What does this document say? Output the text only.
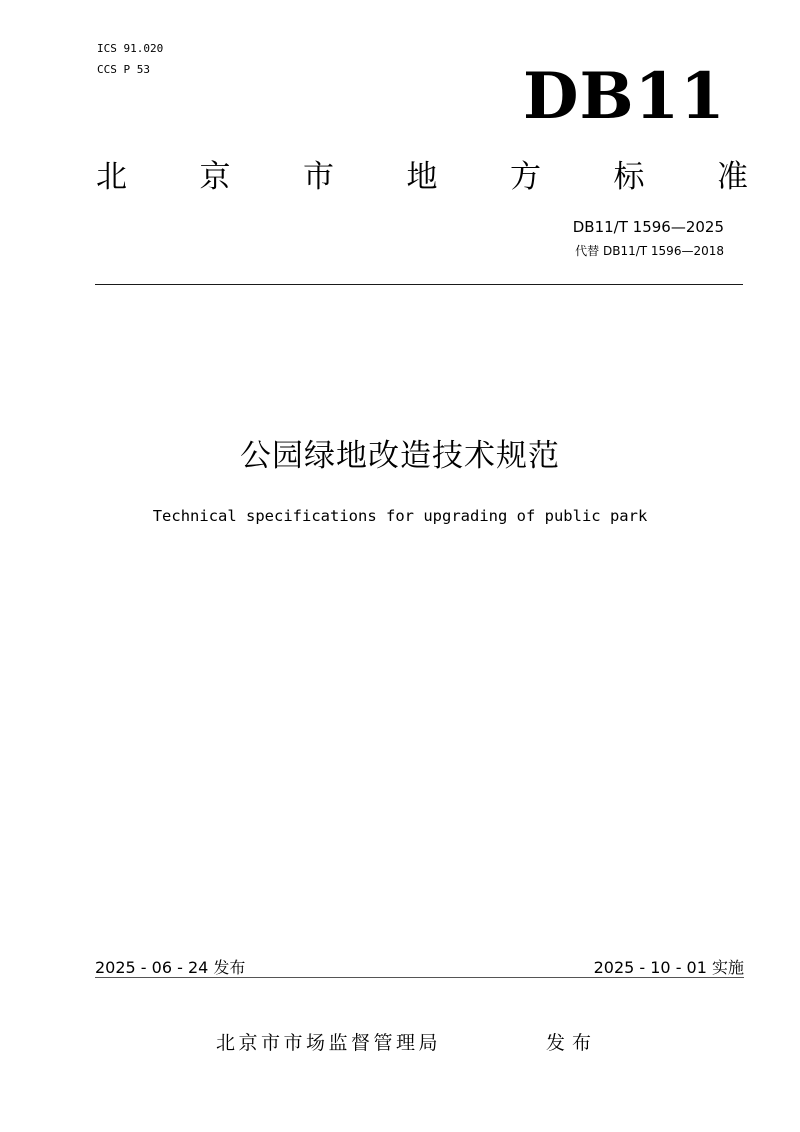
ICS 91.020
CCS P 53	DB11
北 京 市 地 方 标 准
DB11/T 1596—2025
代替 DB11/T 1596—2018
公园绿地改造技术规范
Technical specifications for upgrading of public park
2025 - 06 - 24 发布	2025 - 10 - 01 实施
北京市市场监督管理局	发布
